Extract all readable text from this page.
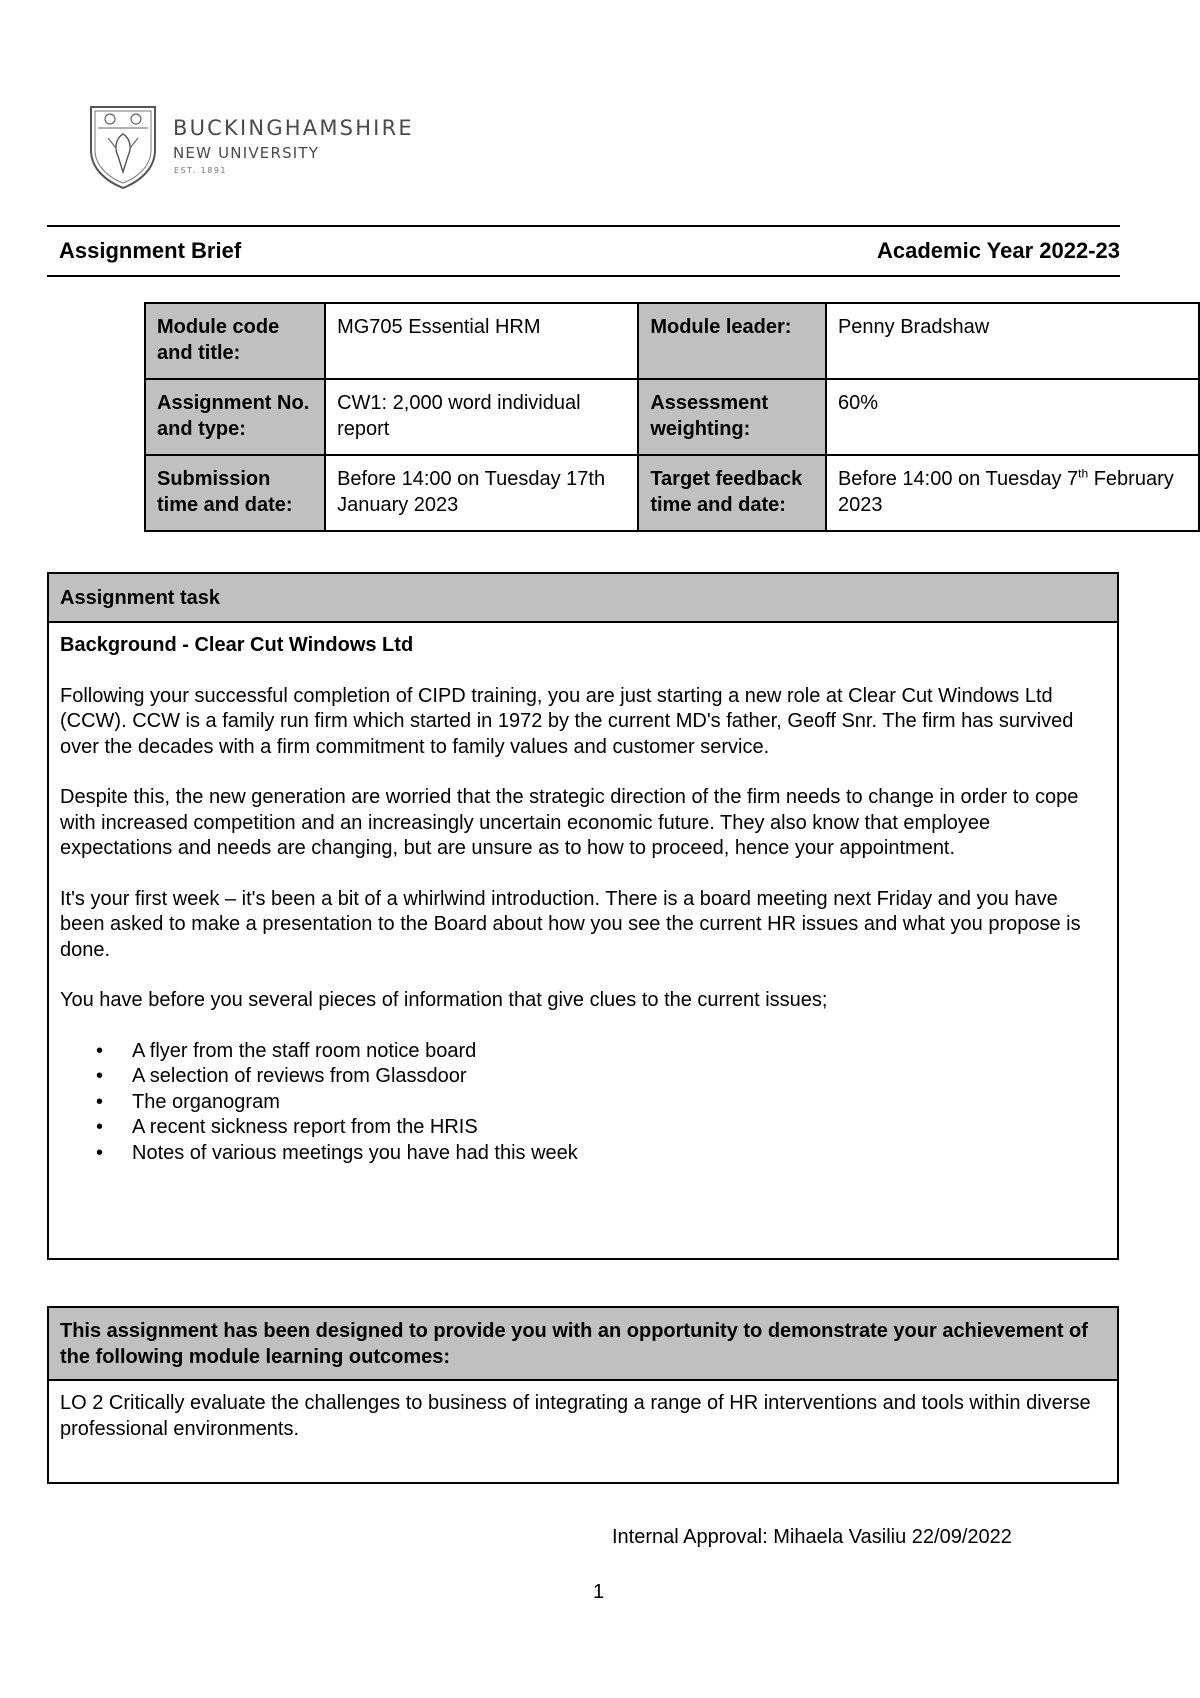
BUCKINGHAMSHIRE
NEW UNIVERSITY
EST. 1891
Assignment Brief	Academic Year 2022-23
Module code and title:	MG705 Essential HRM	Module leader:	Penny Bradshaw
Assignment No. and type:	CW1: 2,000 word individual report	Assessment weighting:	60%
Submission time and date:	Before 14:00 on Tuesday 17th January 2023	Target feedback time and date:	Before 14:00 on Tuesday 7th February 2023
Assignment task

Background - Clear Cut Windows Ltd

Following your successful completion of CIPD training, you are just starting a new role at Clear Cut Windows Ltd (CCW). CCW is a family run firm which started in 1972 by the current MD's father, Geoff Snr. The firm has survived over the decades with a firm commitment to family values and customer service.

Despite this, the new generation are worried that the strategic direction of the firm needs to change in order to cope with increased competition and an increasingly uncertain economic future. They also know that employee expectations and needs are changing, but are unsure as to how to proceed, hence your appointment.

It's your first week – it's been a bit of a whirlwind introduction. There is a board meeting next Friday and you have been asked to make a presentation to the Board about how you see the current HR issues and what you propose is done.

You have before you several pieces of information that give clues to the current issues;

• A flyer from the staff room notice board
• A selection of reviews from Glassdoor
• The organogram
• A recent sickness report from the HRIS
• Notes of various meetings you have had this week
This assignment has been designed to provide you with an opportunity to demonstrate your achievement of the following module learning outcomes:
LO 2 Critically evaluate the challenges to business of integrating a range of HR interventions and tools within diverse professional environments.
Internal Approval: Mihaela Vasiliu 22/09/2022
1
